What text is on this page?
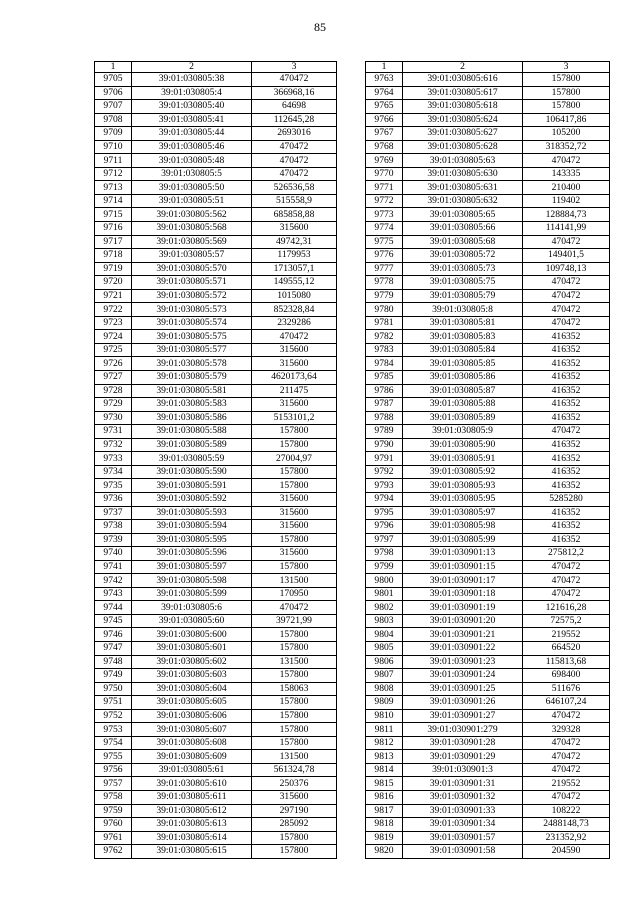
85
1	2	3
9705	39:01:030805:38	470472
9706	39:01:030805:4	366968,16
9707	39:01:030805:40	64698
9708	39:01:030805:41	112645,28
9709	39:01:030805:44	2693016
9710	39:01:030805:46	470472
9711	39:01:030805:48	470472
9712	39:01:030805:5	470472
9713	39:01:030805:50	526536,58
9714	39:01:030805:51	515558,9
9715	39:01:030805:562	685858,88
9716	39:01:030805:568	315600
9717	39:01:030805:569	49742,31
9718	39:01:030805:57	1179953
9719	39:01:030805:570	1713057,1
9720	39:01:030805:571	149555,12
9721	39:01:030805:572	1015080
9722	39:01:030805:573	852328,84
9723	39:01:030805:574	2329286
9724	39:01:030805:575	470472
9725	39:01:030805:577	315600
9726	39:01:030805:578	315600
9727	39:01:030805:579	4620173,64
9728	39:01:030805:581	211475
9729	39:01:030805:583	315600
9730	39:01:030805:586	5153101,2
9731	39:01:030805:588	157800
9732	39:01:030805:589	157800
9733	39:01:030805:59	27004,97
9734	39:01:030805:590	157800
9735	39:01:030805:591	157800
9736	39:01:030805:592	315600
9737	39:01:030805:593	315600
9738	39:01:030805:594	315600
9739	39:01:030805:595	157800
9740	39:01:030805:596	315600
9741	39:01:030805:597	157800
9742	39:01:030805:598	131500
9743	39:01:030805:599	170950
9744	39:01:030805:6	470472
9745	39:01:030805:60	39721,99
9746	39:01:030805:600	157800
9747	39:01:030805:601	157800
9748	39:01:030805:602	131500
9749	39:01:030805:603	157800
9750	39:01:030805:604	158063
9751	39:01:030805:605	157800
9752	39:01:030805:606	157800
9753	39:01:030805:607	157800
9754	39:01:030805:608	157800
9755	39:01:030805:609	131500
9756	39:01:030805:61	561324,78
9757	39:01:030805:610	250376
9758	39:01:030805:611	315600
9759	39:01:030805:612	297190
9760	39:01:030805:613	285092
9761	39:01:030805:614	157800
9762	39:01:030805:615	157800
1	2	3
9763	39:01:030805:616	157800
9764	39:01:030805:617	157800
9765	39:01:030805:618	157800
9766	39:01:030805:624	106417,86
9767	39:01:030805:627	105200
9768	39:01:030805:628	318352,72
9769	39:01:030805:63	470472
9770	39:01:030805:630	143335
9771	39:01:030805:631	210400
9772	39:01:030805:632	119402
9773	39:01:030805:65	128884,73
9774	39:01:030805:66	114141,99
9775	39:01:030805:68	470472
9776	39:01:030805:72	149401,5
9777	39:01:030805:73	109748,13
9778	39:01:030805:75	470472
9779	39:01:030805:79	470472
9780	39:01:030805:8	470472
9781	39:01:030805:81	470472
9782	39:01:030805:83	416352
9783	39:01:030805:84	416352
9784	39:01:030805:85	416352
9785	39:01:030805:86	416352
9786	39:01:030805:87	416352
9787	39:01:030805:88	416352
9788	39:01:030805:89	416352
9789	39:01:030805:9	470472
9790	39:01:030805:90	416352
9791	39:01:030805:91	416352
9792	39:01:030805:92	416352
9793	39:01:030805:93	416352
9794	39:01:030805:95	5285280
9795	39:01:030805:97	416352
9796	39:01:030805:98	416352
9797	39:01:030805:99	416352
9798	39:01:030901:13	275812,2
9799	39:01:030901:15	470472
9800	39:01:030901:17	470472
9801	39:01:030901:18	470472
9802	39:01:030901:19	121616,28
9803	39:01:030901:20	72575,2
9804	39:01:030901:21	219552
9805	39:01:030901:22	664520
9806	39:01:030901:23	115813,68
9807	39:01:030901:24	698400
9808	39:01:030901:25	511676
9809	39:01:030901:26	646107,24
9810	39:01:030901:27	470472
9811	39:01:030901:279	329328
9812	39:01:030901:28	470472
9813	39:01:030901:29	470472
9814	39:01:030901:3	470472
9815	39:01:030901:31	219552
9816	39:01:030901:32	470472
9817	39:01:030901:33	108222
9818	39:01:030901:34	2488148,73
9819	39:01:030901:57	231352,92
9820	39:01:030901:58	204590
